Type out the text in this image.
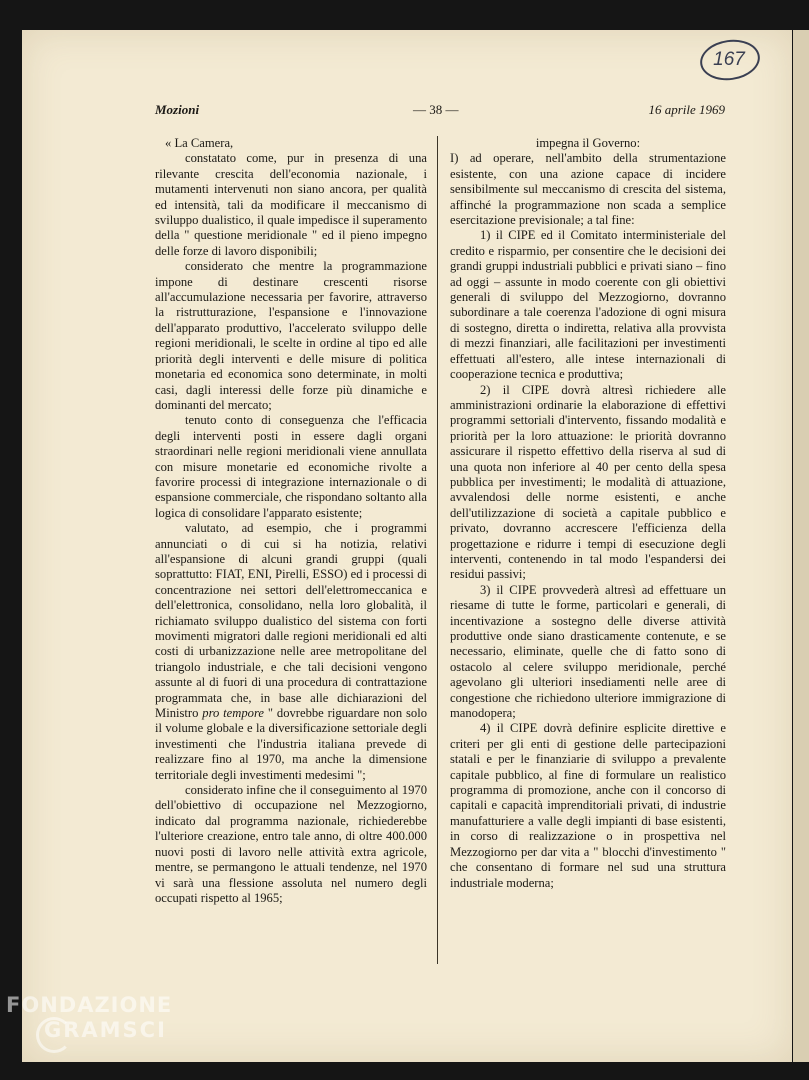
167
Mozioni	— 38 —	16 aprile 1969

« La Camera,

constatato come, pur in presenza di una rilevante crescita dell'economia nazionale, i mutamenti intervenuti non siano ancora, per qualità ed intensità, tali da modificare il meccanismo di sviluppo dualistico, il quale impedisce il superamento della " questione meridionale " ed il pieno impegno delle forze di lavoro disponibili;

considerato che mentre la programmazione impone di destinare crescenti risorse all'accumulazione necessaria per favorire, attraverso la ristrutturazione, l'espansione e l'innovazione dell'apparato produttivo, l'accelerato sviluppo delle regioni meridionali, le scelte in ordine al tipo ed alle priorità degli interventi e delle misure di politica monetaria ed economica sono determinate, in molti casi, dagli interessi delle forze più dinamiche e dominanti del mercato;

tenuto conto di conseguenza che l'efficacia degli interventi posti in essere dagli organi straordinari nelle regioni meridionali viene annullata con misure monetarie ed economiche rivolte a favorire processi di integrazione internazionale o di espansione commerciale, che rispondano soltanto alla logica di consolidare l'apparato esistente;

valutato, ad esempio, che i programmi annunciati o di cui si ha notizia, relativi all'espansione di alcuni grandi gruppi (quali soprattutto: FIAT, ENI, Pirelli, ESSO) ed i processi di concentrazione nei settori dell'elettromeccanica e dell'elettronica, consolidano, nella loro globalità, il richiamato sviluppo dualistico del sistema con forti movimenti migratori dalle regioni meridionali ed alti costi di urbanizzazione nelle aree metropolitane del triangolo industriale, e che tali decisioni vengono assunte al di fuori di una procedura di contrattazione programmata che, in base alle dichiarazioni del Ministro pro tempore " dovrebbe riguardare non solo il volume globale e la diversificazione settoriale degli investimenti che l'industria italiana prevede di realizzare fino al 1970, ma anche la dimensione territoriale degli investimenti medesimi ";

considerato infine che il conseguimento al 1970 dell'obiettivo di occupazione nel Mezzogiorno, indicato dal programma nazionale, richiederebbe l'ulteriore creazione, entro tale anno, di oltre 400.000 nuovi posti di lavoro nelle attività extra agricole, mentre, se permangono le attuali tendenze, nel 1970 vi sarà una flessione assoluta nel numero degli occupati rispetto al 1965;

impegna il Governo:

I) ad operare, nell'ambito della strumentazione esistente, con una azione capace di incidere sensibilmente sul meccanismo di crescita del sistema, affinché la programmazione non scada a semplice esercitazione previsionale; a tal fine:

1) il CIPE ed il Comitato interministeriale del credito e risparmio, per consentire che le decisioni dei grandi gruppi industriali pubblici e privati siano – fino ad oggi – assunte in modo coerente con gli obiettivi generali di sviluppo del Mezzogiorno, dovranno subordinare a tale coerenza l'adozione di ogni misura di sostegno, diretta o indiretta, relativa alla provvista di mezzi finanziari, alle facilitazioni per investimenti effettuati all'estero, alle intese internazionali di cooperazione tecnica e produttiva;

2) il CIPE dovrà altresì richiedere alle amministrazioni ordinarie la elaborazione di effettivi programmi settoriali d'intervento, fissando modalità e priorità per la loro attuazione: le priorità dovranno assicurare il rispetto effettivo della riserva al sud di una quota non inferiore al 40 per cento della spesa pubblica per investimenti; le modalità di attuazione, avvalendosi delle norme esistenti, e anche dell'utilizzazione di società a capitale pubblico e privato, dovranno accrescere l'efficienza della progettazione e ridurre i tempi di esecuzione degli interventi, contenendo in tal modo l'espandersi dei residui passivi;

3) il CIPE provvederà altresì ad effettuare un riesame di tutte le forme, particolari e generali, di incentivazione a sostegno delle diverse attività produttive onde siano drasticamente contenute, e se necessario, eliminate, quelle che di fatto sono di ostacolo al celere sviluppo meridionale, perché agevolano gli ulteriori insediamenti nelle aree di congestione che richiedono ulteriore immigrazione di manodopera;

4) il CIPE dovrà definire esplicite direttive e criteri per gli enti di gestione delle partecipazioni statali e per le finanziarie di sviluppo a prevalente capitale pubblico, al fine di formulare un realistico programma di promozione, anche con il concorso di capitali e capacità imprenditoriali privati, di industrie manufatturiere a valle degli impianti di base esistenti, in corso di realizzazione o in prospettiva nel Mezzogiorno per dar vita a " blocchi d'investimento " che consentano di formare nel sud una struttura industriale moderna;

FONDAZIONE
GRAMSCI
